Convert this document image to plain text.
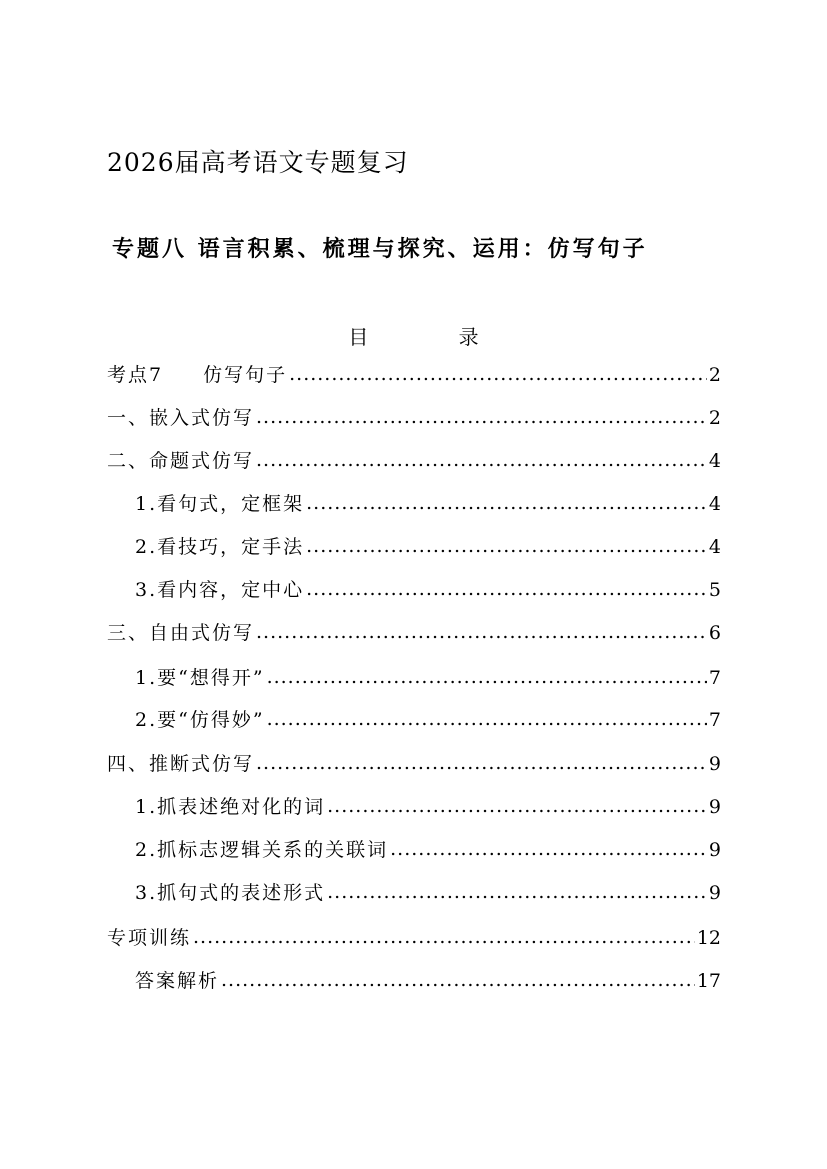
2026届高考语文专题复习
专题八 语言积累、梳理与探究、运用：仿写句子
目 录
考点7 仿写句子 .....	2
一、嵌入式仿写 .....	2
二、命题式仿写 .....	4
1.看句式，定框架 .....	4
2.看技巧，定手法 .....	4
3.看内容，定中心 .....	5
三、自由式仿写 .....	6
1.要“想得开” .....	7
2.要“仿得妙” .....	7
四、推断式仿写 .....	9
1.抓表述绝对化的词 .....	9
2.抓标志逻辑关系的关联词 .....	9
3.抓句式的表述形式 .....	9
专项训练 .....	12
答案解析 .....	17
